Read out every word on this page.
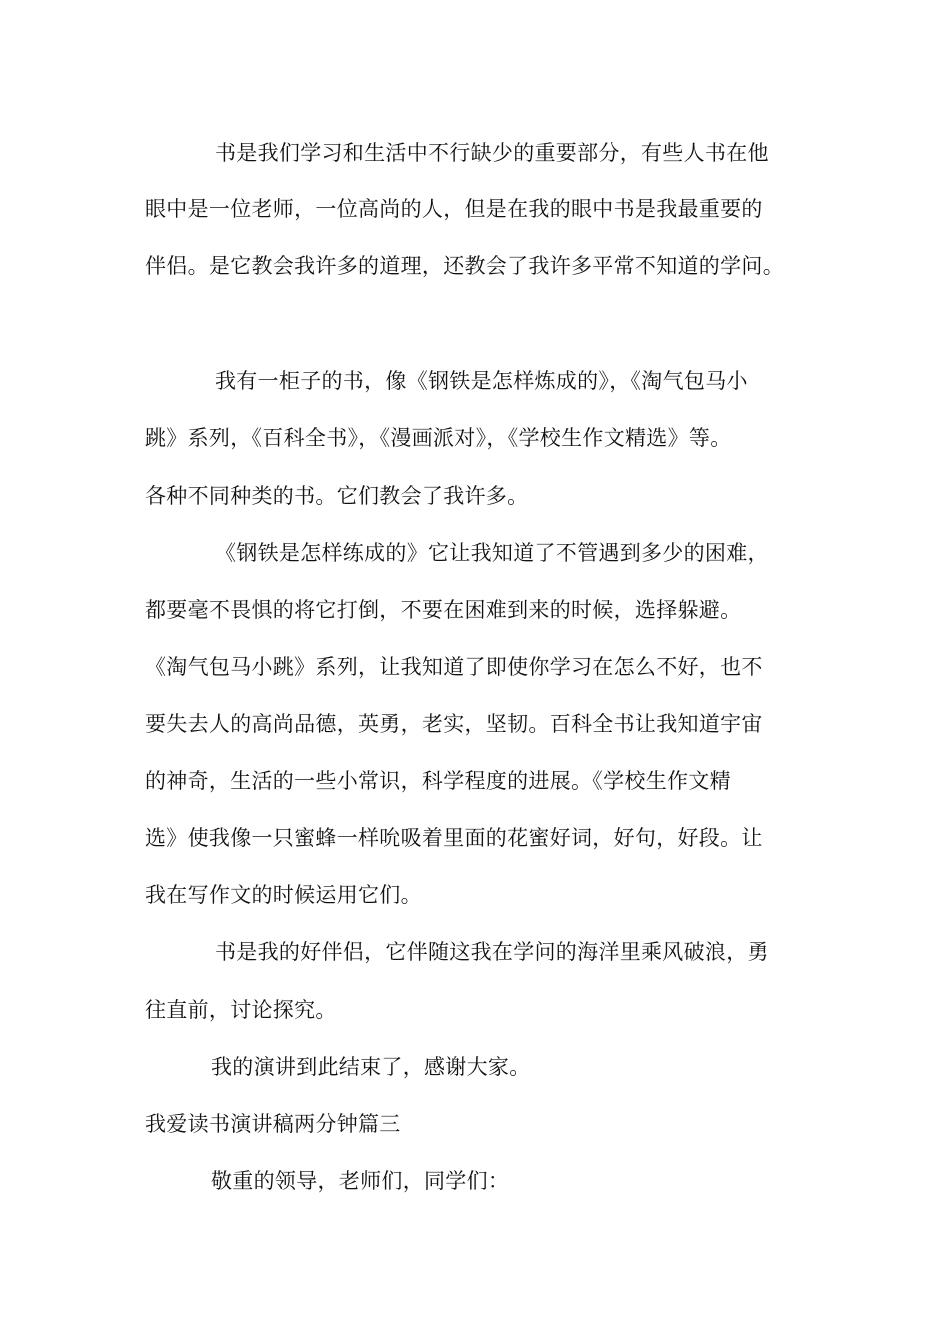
书是我们学习和生活中不行缺少的重要部分，有些人书在他
眼中是一位老师，一位高尚的人，但是在我的眼中书是我最重要的
伴侣。是它教会我许多的道理，还教会了我许多平常不知道的学问。
我有一柜子的书，像《钢铁是怎样炼成的》，《淘气包马小
跳》系列，《百科全书》，《漫画派对》，《学校生作文精选》等。
各种不同种类的书。它们教会了我许多。
《钢铁是怎样练成的》它让我知道了不管遇到多少的困难，
都要毫不畏惧的将它打倒，不要在困难到来的时候，选择躲避。
《淘气包马小跳》系列，让我知道了即使你学习在怎么不好，也不
要失去人的高尚品德，英勇，老实，坚韧。百科全书让我知道宇宙
的神奇，生活的一些小常识，科学程度的进展。《学校生作文精
选》使我像一只蜜蜂一样吮吸着里面的花蜜好词，好句，好段。让
我在写作文的时候运用它们。
书是我的好伴侣，它伴随这我在学问的海洋里乘风破浪，勇
往直前，讨论探究。
我的演讲到此结束了，感谢大家。
我爱读书演讲稿两分钟篇三
敬重的领导，老师们，同学们：
